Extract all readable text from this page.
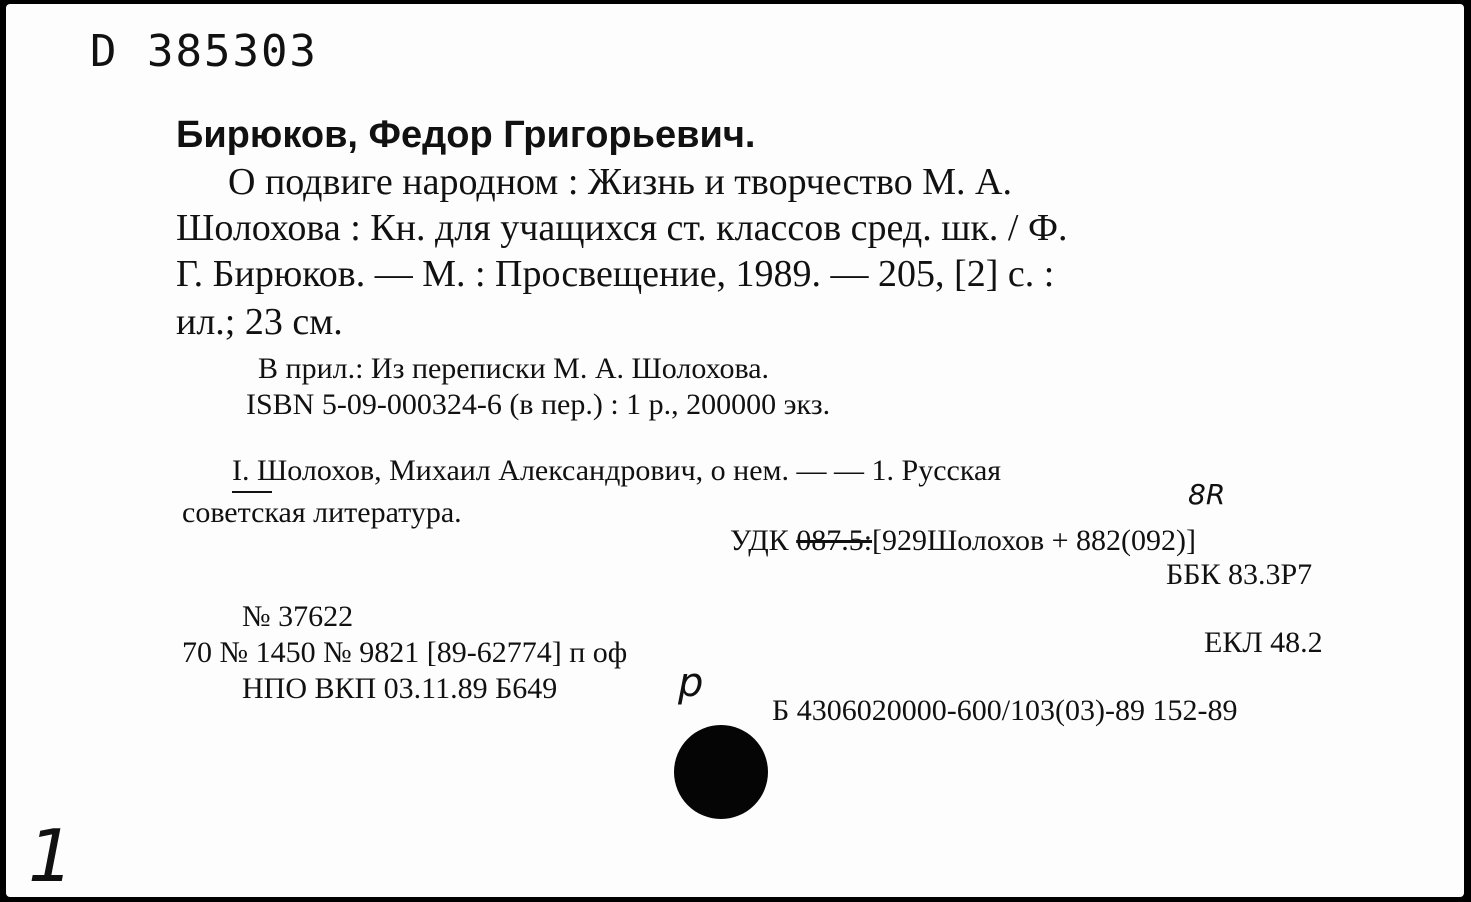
D 385303
Бирюков, Федор Григорьевич.
О подвиге народном : Жизнь и творчество М. А.
Шолохова : Кн. для учащихся ст. классов сред. шк. / Ф.
Г. Бирюков. — М. : Просвещение, 1989. — 205, [2] с. :
ил.; 23 см.
В прил.: Из переписки М. А. Шолохова.
ISBN 5-09-000324-6 (в пер.) : 1 р., 200000 экз.
I. Шолохов, Михаил Александрович, о нем. — — 1. Русская
советская литература.
8R
УДК 087.5:[929Шолохов + 882(092)]
ББК 83.3Р7
№ 37622
70 № 1450 № 9821 [89-62774] п оф	ЕКЛ 48.2
НПО ВКП 03.11.89 Б649	р
Б 4306020000-600/103(03)-89 152-89
1
